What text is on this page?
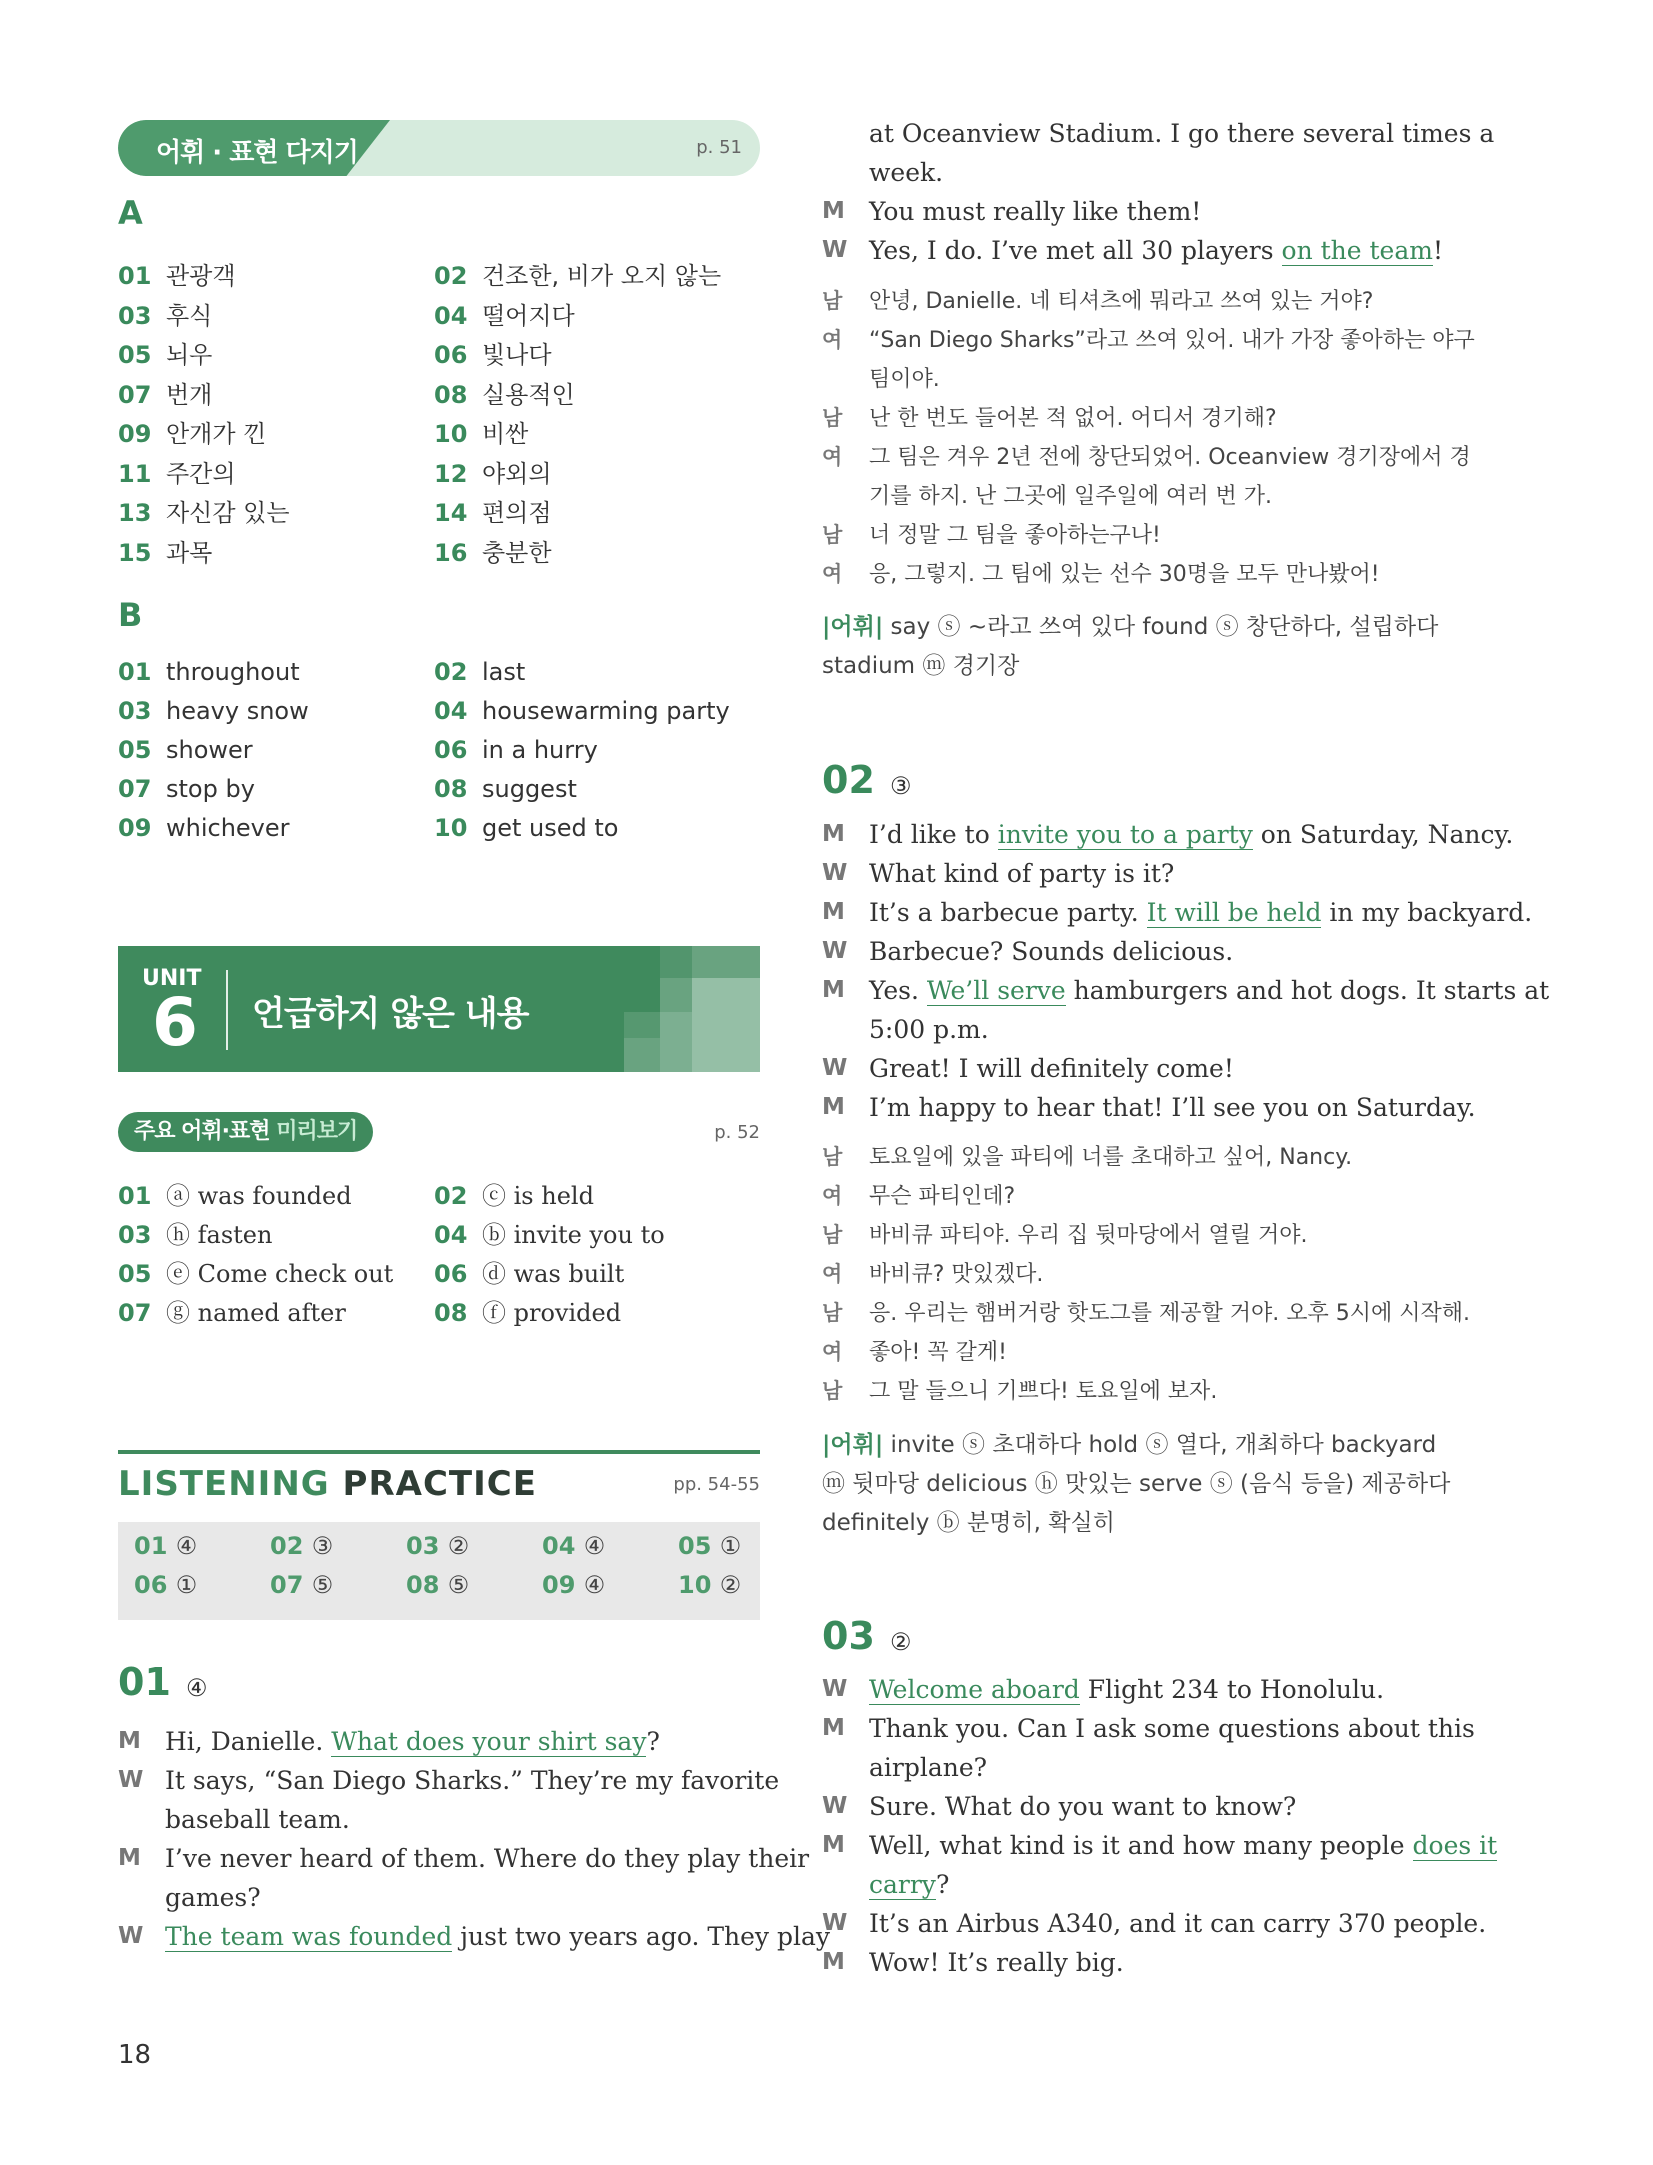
어휘 · 표현 다지기	p. 51
A
01 관광객	02 건조한, 비가 오지 않는
03 후식	04 떨어지다
05 뇌우	06 빛나다
07 번개	08 실용적인
09 안개가 낀	10 비싼
11 주간의	12 야외의
13 자신감 있는	14 편의점
15 과목	16 충분한
B
01 throughout	02 last
03 heavy snow	04 housewarming party
05 shower	06 in a hurry
07 stop by	08 suggest
09 whichever	10 get used to
UNIT
6 언급하지 않은 내용
주요 어휘·표현 미리보기	p. 52
01 ⓐ was founded	02 ⓒ is held
03 ⓗ fasten	04 ⓑ invite you to
05 ⓔ Come check out 06 ⓓ was built
07 ⓖ named after	08 ⓕ provided
LISTENING PRACTICE	pp. 54-55
01 ④	02 ③	03 ②	04 ④	05 ①
06 ①	07 ⑤	08 ⑤	09 ④	10 ②
01 ④
M Hi, Danielle. What does your shirt say?
W It says, “San Diego Sharks.” They’re my favorite
baseball team.
M I’ve never heard of them. Where do they play their
games?
W The team was founded just two years ago. They play
18
at Oceanview Stadium. I go there several times a
week.
M You must really like them!
W Yes, I do. I’ve met all 30 players on the team!
남	안녕, Danielle. 네 티셔츠에 뭐라고 쓰여 있는 거야?
여	“San Diego Sharks”라고 쓰여 있어. 내가 가장 좋아하는 야구
팀이야.
남	난 한 번도 들어본 적 없어. 어디서 경기해?
여	그 팀은 겨우 2년 전에 창단되었어. Oceanview 경기장에서 경
기를 하지. 난 그곳에 일주일에 여러 번 가.
남	너 정말 그 팀을 좋아하는구나!
여	응, 그렇지. 그 팀에 있는 선수 30명을 모두 만나봤어!
|어휘| say ⓢ ~라고 쓰여 있다 found ⓢ 창단하다, 설립하다
stadium ⓜ 경기장
02 ③
M I’d like to invite you to a party on Saturday, Nancy.
W What kind of party is it?
M It’s a barbecue party. It will be held in my backyard.
W Barbecue? Sounds delicious.
M Yes. We’ll serve hamburgers and hot dogs. It starts at
5:00 p.m.
W Great! I will definitely come!
M I’m happy to hear that! I’ll see you on Saturday.
남	토요일에 있을 파티에 너를 초대하고 싶어, Nancy.
여	무슨 파티인데?
남	바비큐 파티야. 우리 집 뒷마당에서 열릴 거야.
여	바비큐? 맛있겠다.
남	응. 우리는 햄버거랑 핫도그를 제공할 거야. 오후 5시에 시작해.
여	좋아! 꼭 갈게!
남	그 말 들으니 기쁘다! 토요일에 보자.
|어휘| invite ⓢ 초대하다 hold ⓢ 열다, 개최하다 backyard
ⓜ 뒷마당 delicious ⓗ 맛있는 serve ⓢ (음식 등을) 제공하다
definitely ⓑ 분명히, 확실히
03 ②
W Welcome aboard Flight 234 to Honolulu.
M Thank you. Can I ask some questions about this
airplane?
W Sure. What do you want to know?
M Well, what kind is it and how many people does it
carry?
W It’s an Airbus A340, and it can carry 370 people.
M Wow! It’s really big.
